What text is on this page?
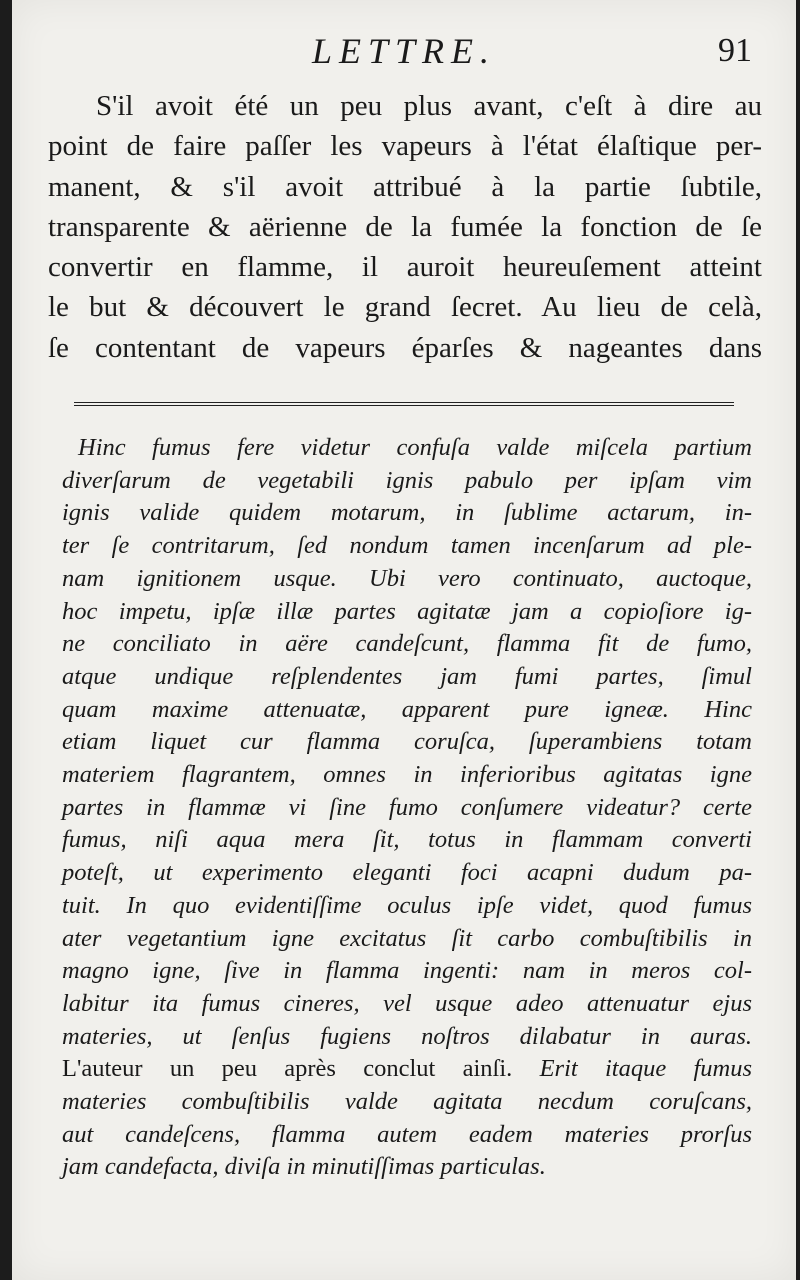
LETTRE.	91
S'il avoit été un peu plus avant, c'eſt à dire au
point de faire paſſer les vapeurs à l'état élaſtique per-
manent, & s'il avoit attribué à la partie ſubtile,
transparente & aërienne de la fumée la fonction de ſe
convertir en flamme, il auroit heureuſement atteint
le but & découvert le grand ſecret. Au lieu de celà,
ſe contentant de vapeurs éparſes & nageantes dans
Hinc fumus fere videtur confuſa valde miſcela partium
diverſarum de vegetabili ignis pabulo per ipſam vim
ignis valide quidem motarum, in ſublime actarum, in-
ter ſe contritarum, ſed nondum tamen incenſarum ad ple-
nam ignitionem usque. Ubi vero continuato, auctoque,
hoc impetu, ipſæ illæ partes agitatæ jam a copioſiore ig-
ne conciliato in aëre candeſcunt, flamma fit de fumo,
atque undique reſplendentes jam fumi partes, ſimul
quam maxime attenuatæ, apparent pure igneæ. Hinc
etiam liquet cur flamma coruſca, ſuperambiens totam
materiem flagrantem, omnes in inferioribus agitatas igne
partes in flammæ vi ſine fumo conſumere videatur? certe
fumus, niſi aqua mera ſit, totus in flammam converti
poteſt, ut experimento eleganti foci acapni dudum pa-
tuit. In quo evidentiſſime oculus ipſe videt, quod fumus
ater vegetantium igne excitatus ſit carbo combuſtibilis in
magno igne, ſive in flamma ingenti: nam in meros col-
labitur ita fumus cineres, vel usque adeo attenuatur ejus
materies, ut ſenſus fugiens noſtros dilabatur in auras.
L'auteur un peu après conclut ainſi. Erit itaque fumus
materies combuſtibilis valde agitata necdum coruſcans,
aut candeſcens, flamma autem eadem materies prorſus
jam candefacta, diviſa in minutiſſimas particulas.
